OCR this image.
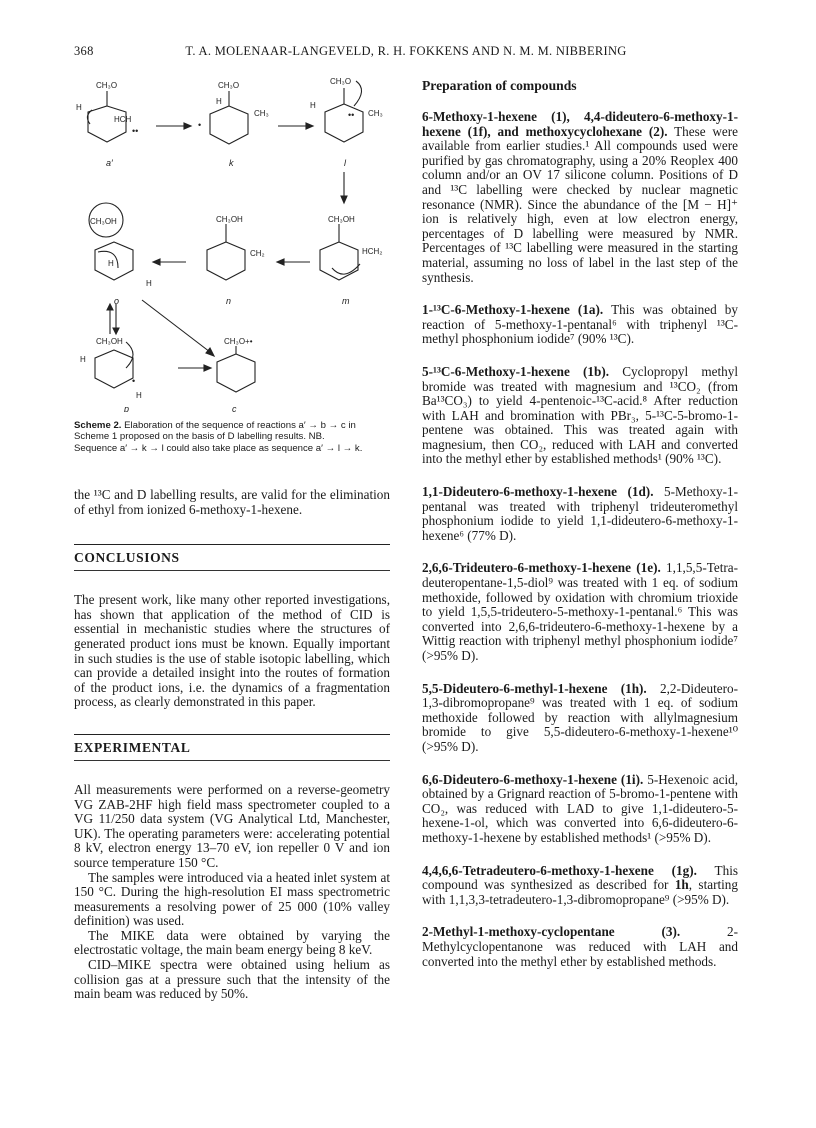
368	T. A. MOLENAAR-LANGEVELD, R. H. FOKKENS AND N. M. M. NIBBERING
CH₃O
H
HCH
••
a′
CH₃O
H
CH₃
•
k
CH₃O
H
•• CH₃
l
CH₃OH
H
H
o
CH₃OH
CH₂
n
CH₃OH
HCH₂
m
CH₃OH
H
H
•
p
CH₃O+•
c

Scheme 2. Elaboration of the sequence of reactions a′ → b → c in

Scheme 1 proposed on the basis of D labelling results. NB.

Sequence a′ → k → l could also take place as sequence a′ → l → k.

the ¹³C and D labelling results, are valid for the elimination of ethyl from ionized 6-methoxy-1-hexene.

CONCLUSIONS

The present work, like many other reported investigations, has shown that application of the method of CID is essential in mechanistic studies where the structures of generated product ions must be known. Equally important in such studies is the use of stable isotopic labelling, which can provide a detailed insight into the routes of formation of the product ions, i.e. the dynamics of a fragmentation process, as clearly demonstrated in this paper.

EXPERIMENTAL

All measurements were performed on a reverse-geometry VG ZAB-2HF high field mass spectrometer coupled to a VG 11/250 data system (VG Analytical Ltd, Manchester, UK). The operating parameters were: accelerating potential 8 kV, electron energy 13–70 eV, ion repeller 0 V and ion source temperature 150 °C.

The samples were introduced via a heated inlet system at 150 °C. During the high-resolution EI mass spectrometric measurements a resolving power of 25 000 (10% valley definition) was used.

The MIKE data were obtained by varying the electrostatic voltage, the main beam energy being 8 keV.

CID–MIKE spectra were obtained using helium as collision gas at a pressure such that the intensity of the main beam was reduced by 50%.

Preparation of compounds

6-Methoxy-1-hexene (1), 4,4-dideutero-6-methoxy-1-hexene (1f), and methoxycyclohexane (2). These were available from earlier studies.¹ All compounds used were purified by gas chromatography, using a 20% Reoplex 400 column and/or an OV 17 silicone column. Positions of D and ¹³C labelling were checked by nuclear magnetic resonance (NMR). Since the abundance of the [M − H]⁺ ion is relatively high, even at low electron energy, percentages of D labelling were measured by NMR. Percentages of ¹³C labelling were measured in the starting material, assuming no loss of label in the last step of the synthesis.

1-¹³C-6-Methoxy-1-hexene (1a). This was obtained by reaction of 5-methoxy-1-pentanal⁶ with triphenyl ¹³C-methyl phosphonium iodide⁷ (90% ¹³C).

5-¹³C-6-Methoxy-1-hexene (1b). Cyclopropyl methyl bromide was treated with magnesium and ¹³CO₂ (from Ba¹³CO₃) to yield 4-pentenoic-¹³C-acid.⁸ After reduction with LAH and bromination with PBr₃, 5-¹³C-5-bromo-1-pentene was obtained. This was treated again with magnesium, then CO₂, reduced with LAH and converted into the methyl ether by established methods¹ (90% ¹³C).

1,1-Dideutero-6-methoxy-1-hexene (1d). 5-Methoxy-1-pentanal was treated with triphenyl trideuteromethyl phosphonium iodide to yield 1,1-dideutero-6-methoxy-1-hexene⁶ (77% D).

2,6,6-Trideutero-6-methoxy-1-hexene (1e). 1,1,5,5-Tetra-deuteropentane-1,5-diol⁹ was treated with 1 eq. of sodium methoxide, followed by oxidation with chromium trioxide to yield 1,5,5-trideutero-5-methoxy-1-pentanal.⁶ This was converted into 2,6,6-trideutero-6-methoxy-1-hexene by a Wittig reaction with triphenyl methyl phosphonium iodide⁷ (>95% D).

5,5-Dideutero-6-methyl-1-hexene (1h). 2,2-Dideutero-1,3-dibromopropane⁹ was treated with 1 eq. of sodium methoxide followed by reaction with allylmagnesium bromide to give 5,5-dideutero-6-methoxy-1-hexene¹⁰ (>95% D).

6,6-Dideutero-6-methoxy-1-hexene (1i). 5-Hexenoic acid, obtained by a Grignard reaction of 5-bromo-1-pentene with CO₂, was reduced with LAD to give 1,1-dideutero-5-hexene-1-ol, which was converted into 6,6-dideutero-6-methoxy-1-hexene by established methods¹ (>95% D).

4,4,6,6-Tetradeutero-6-methoxy-1-hexene (1g). This compound was synthesized as described for 1h, starting with 1,1,3,3-tetradeutero-1,3-dibromopropane⁹ (>95% D).

2-Methyl-1-methoxy-cyclopentane (3).	2-Methylcyclopentanone was reduced with LAH and converted into the methyl ether by established methods.
